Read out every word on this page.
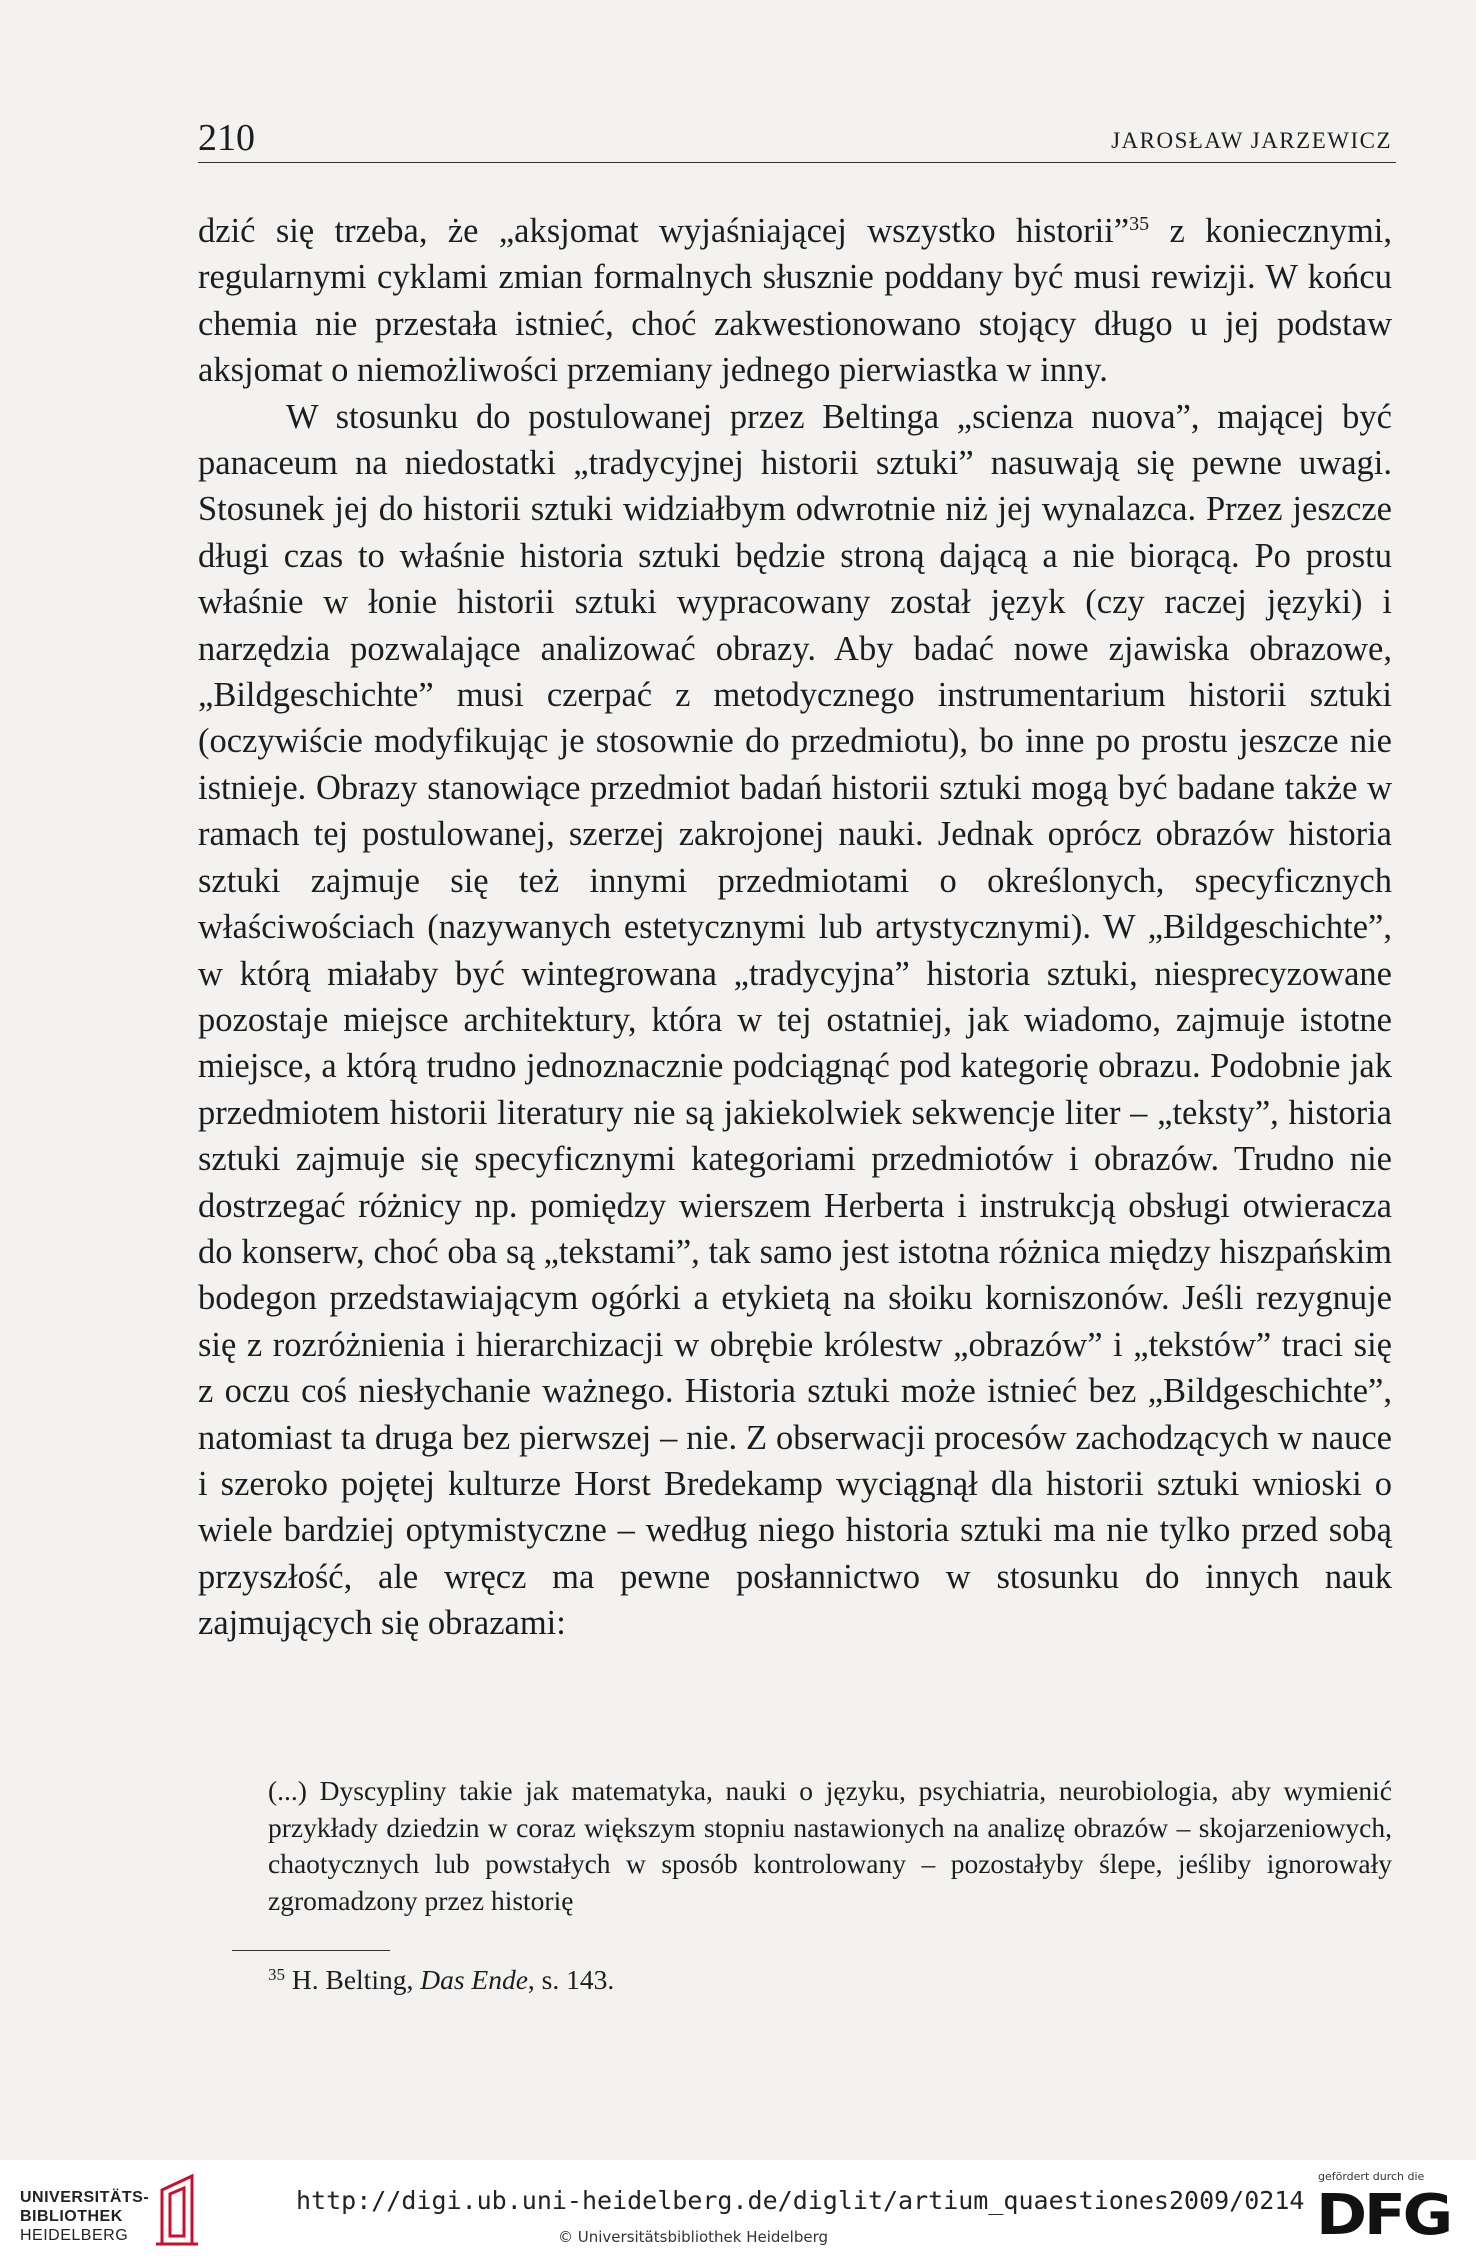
210	JAROSŁAW JARZEWICZ

dzić się trzeba, że „aksjomat wyjaśniającej wszystko historii”$^{35}$ z koniecznymi, regularnymi cyklami zmian formalnych słusznie poddany być musi rewizji. W końcu chemia nie przestała istnieć, choć zakwestionowano stojący długo u jej podstaw aksjomat o niemożliwości przemiany jednego pierwiastka w inny.

W stosunku do postulowanej przez Beltinga „scienza nuova”, mającej być panaceum na niedostatki „tradycyjnej historii sztuki” nasuwają się pewne uwagi. Stosunek jej do historii sztuki widziałbym odwrotnie niż jej wynalazca. Przez jeszcze długi czas to właśnie historia sztuki będzie stroną dającą a nie biorącą. Po prostu właśnie w łonie historii sztuki wypracowany został język (czy raczej języki) i narzędzia pozwalające analizować obrazy. Aby badać nowe zjawiska obrazowe, „Bildgeschichte” musi czerpać z metodycznego instrumentarium historii sztuki (oczywiście modyfikując je stosownie do przedmiotu), bo inne po prostu jeszcze nie istnieje. Obrazy stanowiące przedmiot badań historii sztuki mogą być badane także w ramach tej postulowanej, szerzej zakrojonej nauki. Jednak oprócz obrazów historia sztuki zajmuje się też innymi przedmiotami o określonych, specyficznych właściwościach (nazywanych estetycznymi lub artystycznymi). W „Bildgeschichte”, w którą miałaby być wintegrowana „tradycyjna” historia sztuki, niesprecyzowane pozostaje miejsce architektury, która w tej ostatniej, jak wiadomo, zajmuje istotne miejsce, a którą trudno jednoznacznie podciągnąć pod kategorię obrazu. Podobnie jak przedmiotem historii literatury nie są jakiekolwiek sekwencje liter – „teksty”, historia sztuki zajmuje się specyficznymi kategoriami przedmiotów i obrazów. Trudno nie dostrzegać różnicy np. pomiędzy wierszem Herberta i instrukcją obsługi otwieracza do konserw, choć oba są „tekstami”, tak samo jest istotna różnica między hiszpańskim bodegon przedstawiającym ogórki a etykietą na słoiku korniszonów. Jeśli rezygnuje się z rozróżnienia i hierarchizacji w obrębie królestw „obrazów” i „tekstów” traci się z oczu coś niesłychanie ważnego. Historia sztuki może istnieć bez „Bildgeschichte”, natomiast ta druga bez pierwszej – nie. Z obserwacji procesów zachodzących w nauce i szeroko pojętej kulturze Horst Bredekamp wyciągnął dla historii sztuki wnioski o wiele bardziej optymistyczne – według niego historia sztuki ma nie tylko przed sobą przyszłość, ale wręcz ma pewne posłannictwo w stosunku do innych nauk zajmujących się obrazami:

(...) Dyscypliny takie jak matematyka, nauki o języku, psychiatria, neurobiologia, aby wymienić przykłady dziedzin w coraz większym stopniu nastawionych na analizę obrazów – skojarzeniowych, chaotycznych lub powstałych w sposób kontrolowany – pozostałyby ślepe, jeśliby ignorowały zgromadzony przez historię
$^{35}$ H. Belting, Das Ende, s. 143.
UNIVERSITÄTS-
BIBLIOTHEK
HEIDELBERG
http://digi.ub.uni-heidelberg.de/diglit/artium_quaestiones2009/0214
© Universitätsbibliothek Heidelberg
gefördert durch die
DFG
